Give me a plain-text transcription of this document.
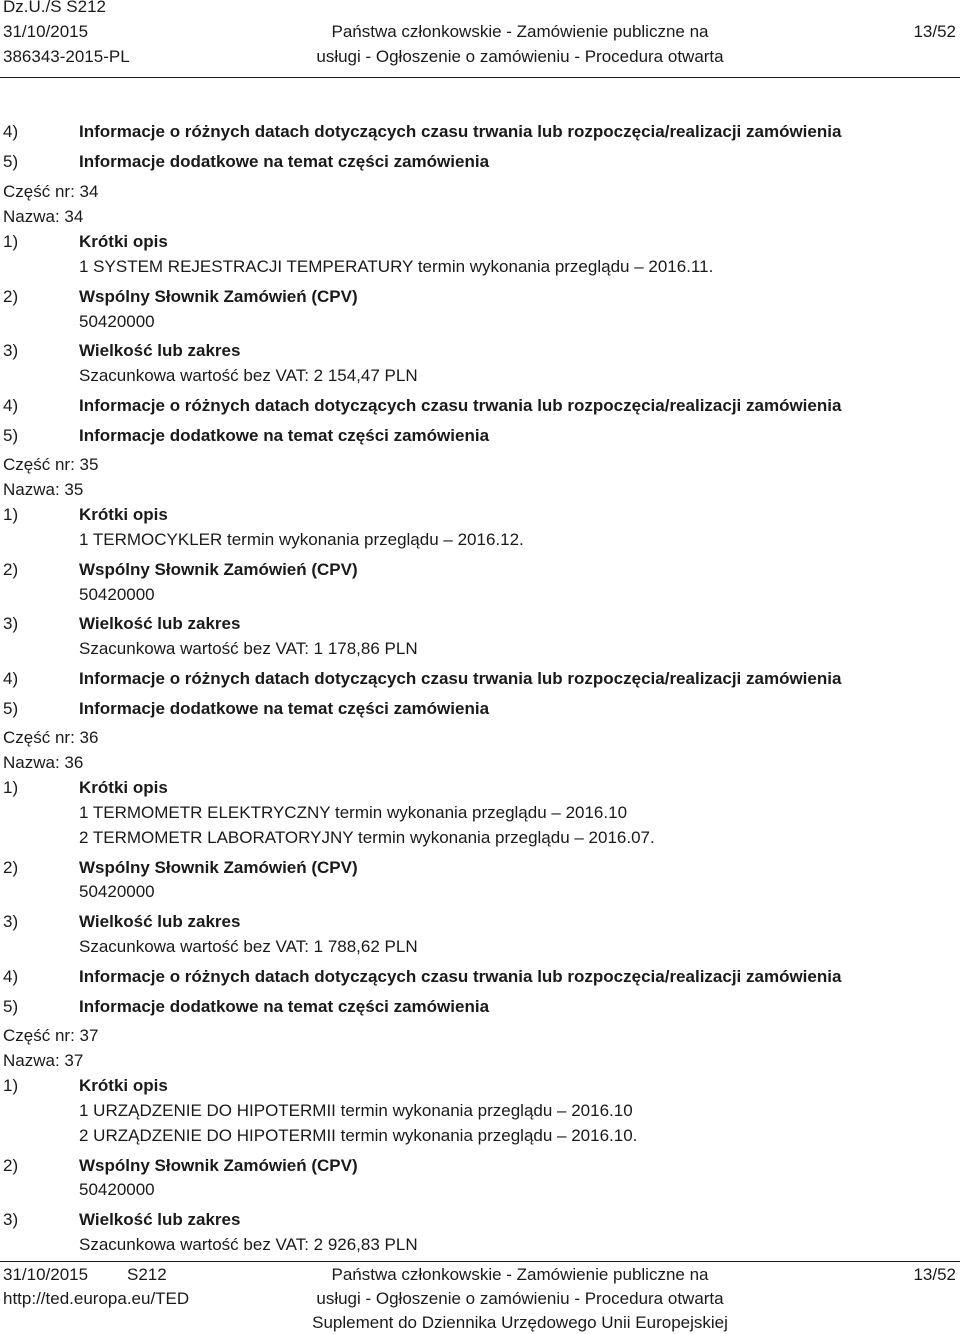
Dz.U./S S212
31/10/2015
386343-2015-PL
Państwa członkowskie - Zamówienie publiczne na
usługi - Ogłoszenie o zamówieniu - Procedura otwarta
13/52
4)	Informacje o różnych datach dotyczących czasu trwania lub rozpoczęcia/realizacji zamówienia
5)	Informacje dodatkowe na temat części zamówienia
Część nr: 34
Nazwa: 34
1)	Krótki opis
1 SYSTEM REJESTRACJI TEMPERATURY termin wykonania przeglądu – 2016.11.
2)	Wspólny Słownik Zamówień (CPV)
50420000
3)	Wielkość lub zakres
Szacunkowa wartość bez VAT: 2 154,47 PLN
4)	Informacje o różnych datach dotyczących czasu trwania lub rozpoczęcia/realizacji zamówienia
5)	Informacje dodatkowe na temat części zamówienia
Część nr: 35
Nazwa: 35
1)	Krótki opis
1 TERMOCYKLER termin wykonania przeglądu – 2016.12.
2)	Wspólny Słownik Zamówień (CPV)
50420000
3)	Wielkość lub zakres
Szacunkowa wartość bez VAT: 1 178,86 PLN
4)	Informacje o różnych datach dotyczących czasu trwania lub rozpoczęcia/realizacji zamówienia
5)	Informacje dodatkowe na temat części zamówienia
Część nr: 36
Nazwa: 36
1)	Krótki opis
1 TERMOMETR ELEKTRYCZNY termin wykonania przeglądu – 2016.10
2 TERMOMETR LABORATORYJNY termin wykonania przeglądu – 2016.07.
2)	Wspólny Słownik Zamówień (CPV)
50420000
3)	Wielkość lub zakres
Szacunkowa wartość bez VAT: 1 788,62 PLN
4)	Informacje o różnych datach dotyczących czasu trwania lub rozpoczęcia/realizacji zamówienia
5)	Informacje dodatkowe na temat części zamówienia
Część nr: 37
Nazwa: 37
1)	Krótki opis
1 URZĄDZENIE DO HIPOTERMII termin wykonania przeglądu – 2016.10
2 URZĄDZENIE DO HIPOTERMII termin wykonania przeglądu – 2016.10.
2)	Wspólny Słownik Zamówień (CPV)
50420000
3)	Wielkość lub zakres
Szacunkowa wartość bez VAT: 2 926,83 PLN
31/10/2015 S212
http://ted.europa.eu/TED
Państwa członkowskie - Zamówienie publiczne na
usługi - Ogłoszenie o zamówieniu - Procedura otwarta
Suplement do Dziennika Urzędowego Unii Europejskiej
13/52
